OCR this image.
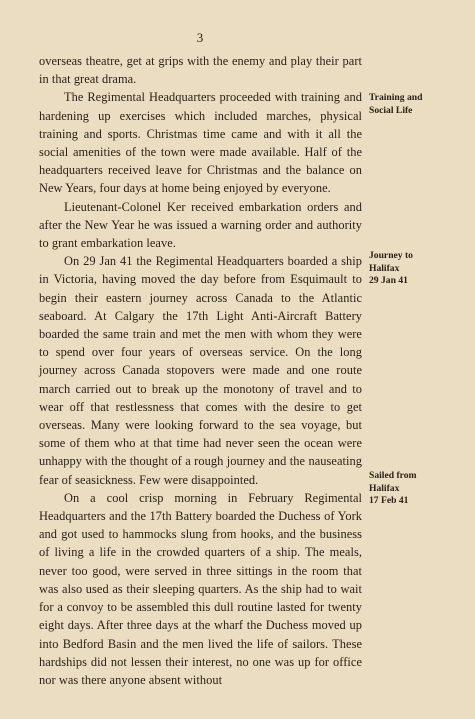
3

overseas theatre, get at grips with the enemy and play their part in that great drama.

The Regimental Headquarters proceeded with training and hardening up exercises which included marches, physical training and sports. Christmas time came and with it all the social amenities of the town were made available. Half of the headquarters received leave for Christmas and the balance on New Years, four days at home being enjoyed by everyone.

Lieutenant-Colonel Ker received embarkation orders and after the New Year he was issued a warning order and authority to grant embarkation leave.

On 29 Jan 41 the Regimental Headquarters boarded a ship in Victoria, having moved the day before from Esquimault to begin their eastern journey across Canada to the Atlantic seaboard. At Calgary the 17th Light Anti-Aircraft Battery boarded the same train and met the men with whom they were to spend over four years of overseas service. On the long journey across Canada stopovers were made and one route march carried out to break up the monotony of travel and to wear off that restlessness that comes with the desire to get overseas. Many were looking forward to the sea voyage, but some of them who at that time had never seen the ocean were unhappy with the thought of a rough journey and the nauseating fear of seasickness. Few were disappointed.

On a cool crisp morning in February Regimental Headquarters and the 17th Battery boarded the Duchess of York and got used to hammocks slung from hooks, and the business of living a life in the crowded quarters of a ship. The meals, never too good, were served in three sittings in the room that was also used as their sleeping quarters. As the ship had to wait for a convoy to be assembled this dull routine lasted for twenty eight days. After three days at the wharf the Duchess moved up into Bedford Basin and the men lived the life of sailors. These hardships did not lessen their interest, no one was up for office nor was there anyone absent without

Training and
Social Life
Journey to
Halifax
29 Jan 41
Sailed from
Halifax
17 Feb 41
